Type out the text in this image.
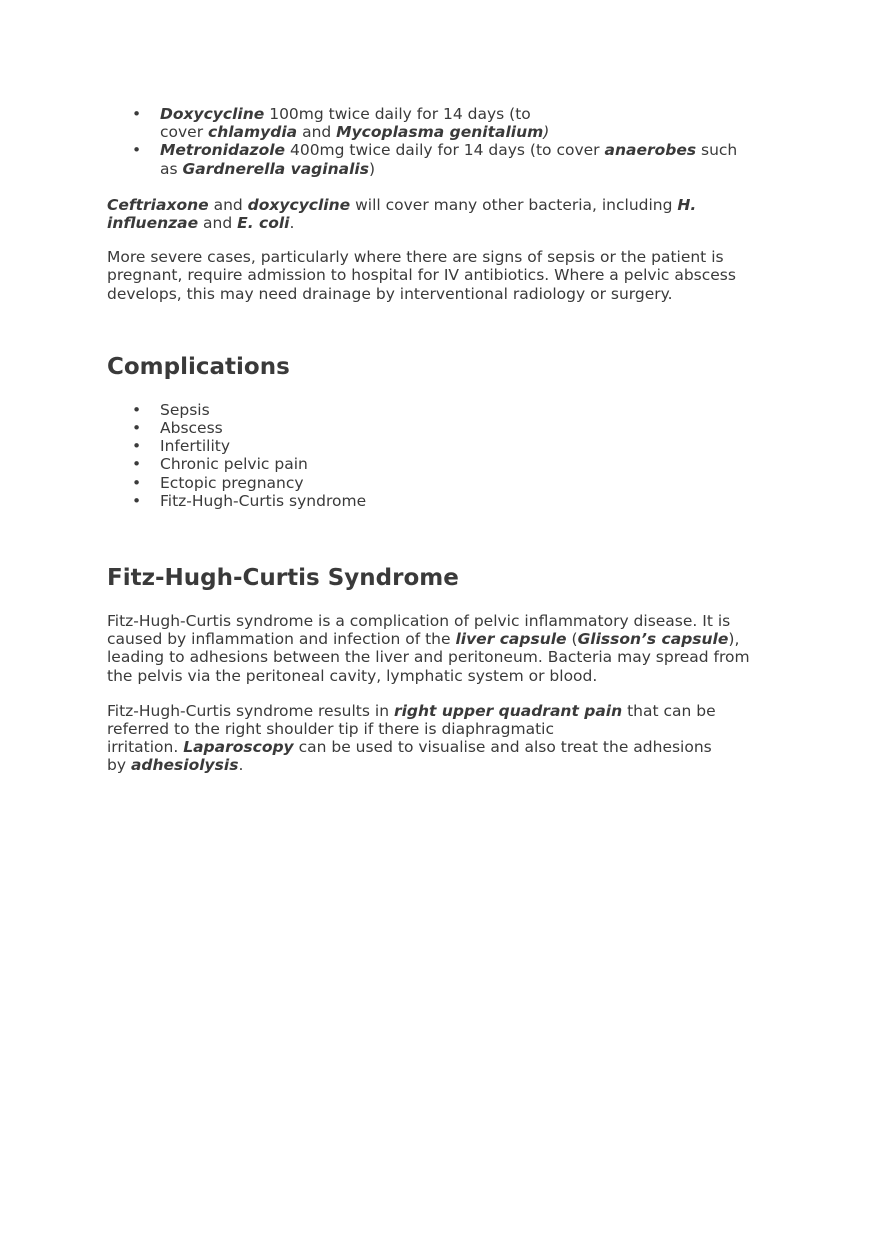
• Doxycycline 100mg twice daily for 14 days (to
cover chlamydia and Mycoplasma genitalium)
• Metronidazole 400mg twice daily for 14 days (to cover anaerobes such
as Gardnerella vaginalis)

Ceftriaxone and doxycycline will cover many other bacteria, including H.
influenzae and E. coli.

More severe cases, particularly where there are signs of sepsis or the patient is
pregnant, require admission to hospital for IV antibiotics. Where a pelvic abscess
develops, this may need drainage by interventional radiology or surgery.

Complications
• Sepsis
• Abscess
• Infertility
• Chronic pelvic pain
• Ectopic pregnancy
• Fitz-Hugh-Curtis syndrome
Fitz-Hugh-Curtis Syndrome

Fitz-Hugh-Curtis syndrome is a complication of pelvic inflammatory disease. It is
caused by inflammation and infection of the liver capsule (Glisson’s capsule),
leading to adhesions between the liver and peritoneum. Bacteria may spread from
the pelvis via the peritoneal cavity, lymphatic system or blood.

Fitz-Hugh-Curtis syndrome results in right upper quadrant pain that can be
referred to the right shoulder tip if there is diaphragmatic
irritation. Laparoscopy can be used to visualise and also treat the adhesions
by adhesiolysis.
